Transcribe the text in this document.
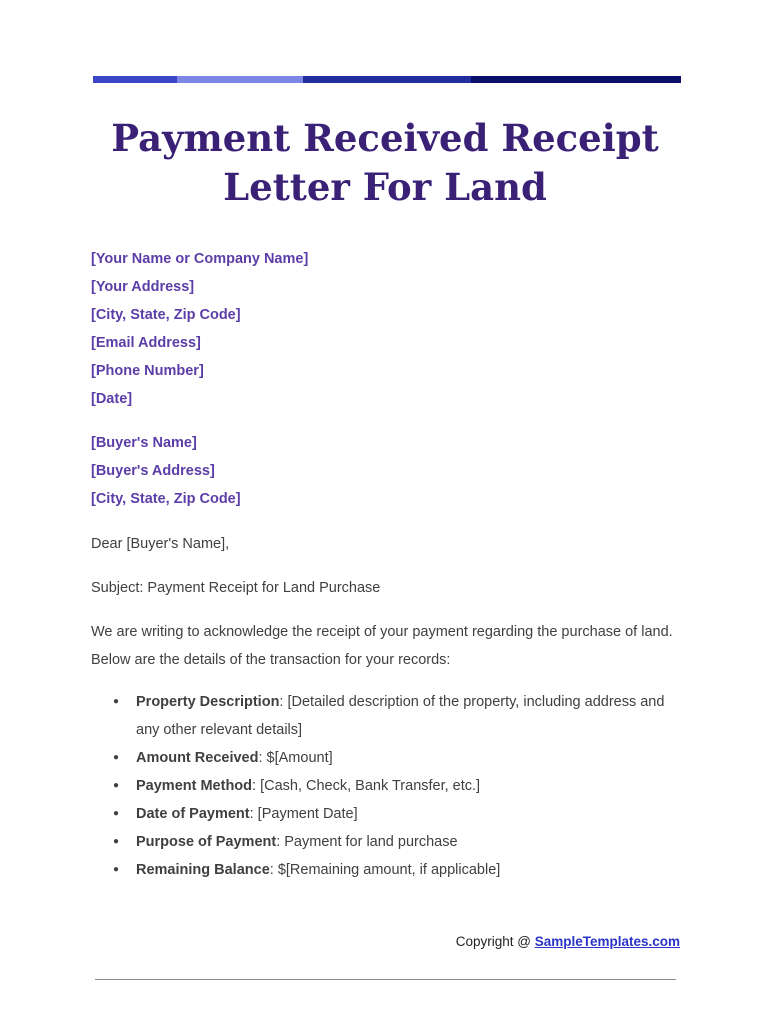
Payment Received Receipt Letter For Land
[Your Name or Company Name]
[Your Address]
[City, State, Zip Code]
[Email Address]
[Phone Number]
[Date]
[Buyer's Name]
[Buyer's Address]
[City, State, Zip Code]

Dear [Buyer's Name],

Subject: Payment Receipt for Land Purchase

We are writing to acknowledge the receipt of your payment regarding the purchase of land. Below are the details of the transaction for your records:

● Property Description: [Detailed description of the property, including address and any other relevant details]
● Amount Received: $[Amount]
● Payment Method: [Cash, Check, Bank Transfer, etc.]
● Date of Payment: [Payment Date]
● Purpose of Payment: Payment for land purchase
● Remaining Balance: $[Remaining amount, if applicable]
Copyright @ SampleTemplates.com
